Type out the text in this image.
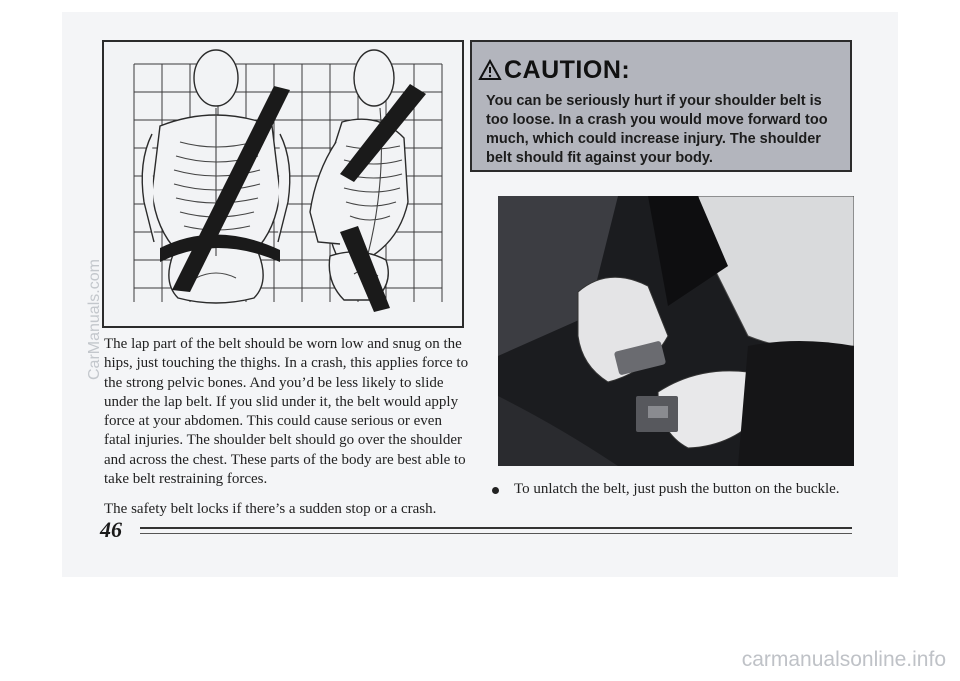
CAUTION:
You can be seriously hurt if your shoulder belt is too loose. In a crash you would move forward too much, which could increase injury. The shoulder belt should fit against your body.

The lap part of the belt should be worn low and snug on the hips, just touching the thighs. In a crash, this applies force to the strong pelvic bones. And you’d be less likely to slide under the lap belt. If you slid under it, the belt would apply force at your abdomen. This could cause serious or even fatal injuries. The shoulder belt should go over the shoulder and across the chest. These parts of the body are best able to take belt restraining forces.

The safety belt locks if there’s a sudden stop or a crash.

To unlatch the belt, just push the button on the buckle.
46
CarManuals.com
carmanualsonline.info
